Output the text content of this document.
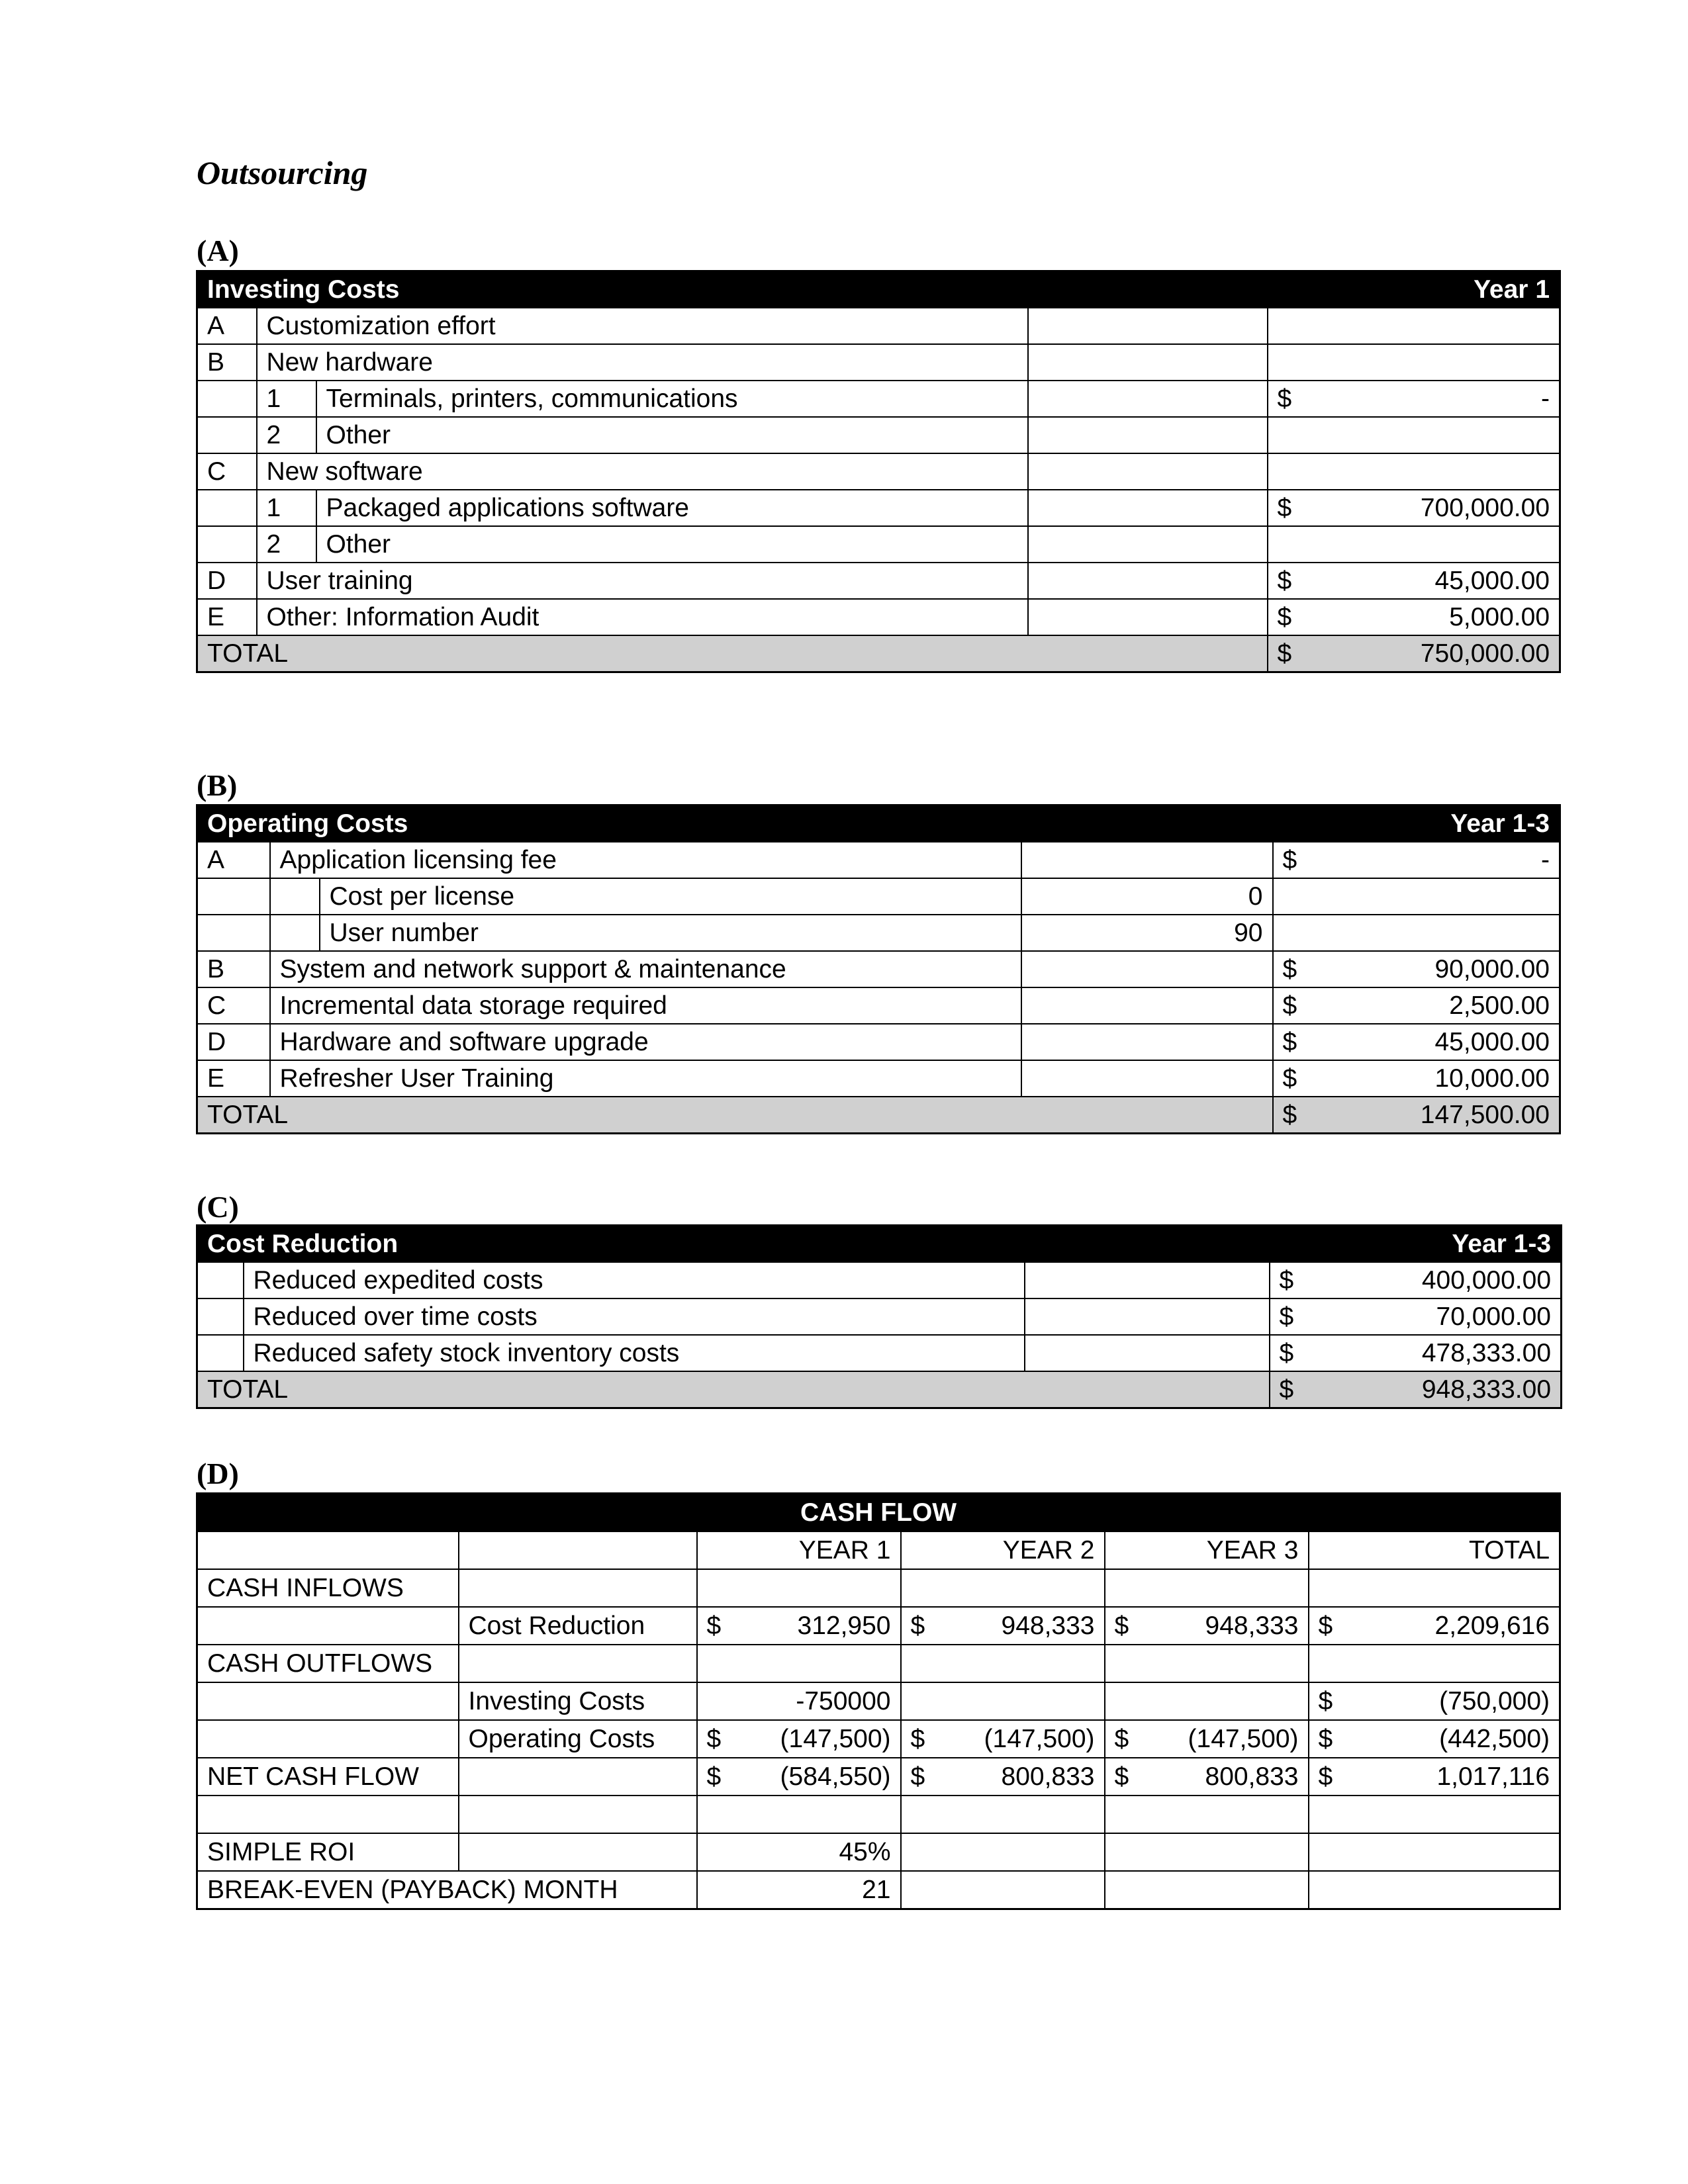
Outsourcing
(A)
Investing Costs				Year 1
A	Customization effort			

B	New hardware			

	1	Terminals, printers, communications		$ -

	2	Other		

C	New software			

	1	Packaged applications software		$ 700,000.00

	2	Other		

D	User training			$ 45,000.00

E	Other: Information Audit			$ 5,000.00

TOTAL				$ 750,000.00
(B)
Operating Costs				Year 1-3
A	Application licensing fee			$ -

		Cost per license	0	

		User number	90	

B	System and network support & maintenance			$ 90,000.00

C	Incremental data storage required			$ 2,500.00

D	Hardware and software upgrade			$ 45,000.00

E	Refresher User Training			$ 10,000.00

TOTAL				$ 147,500.00
(C)
Cost Reduction			Year 1-3
	Reduced expedited costs		$ 400,000.00

	Reduced over time costs		$ 70,000.00

	Reduced safety stock inventory costs		$ 478,333.00

TOTAL			$ 948,333.00
(D)
CASH FLOW					
		YEAR 1	YEAR 2	YEAR 3	TOTAL
CASH INFLOWS		

	Cost Reduction	$ 312,950	$ 948,333	$ 948,333	$ 2,209,616

CASH OUTFLOWS		

	Investing Costs	-750000			$ (750,000)

	Operating Costs	$ (147,500)	$ (147,500)	$ (147,500)	$ (442,500)

NET CASH FLOW		$ (584,550)	$ 800,833	$ 800,833	$ 1,017,116

SIMPLE ROI		45%			

BREAK-EVEN (PAYBACK) MONTH		21			
